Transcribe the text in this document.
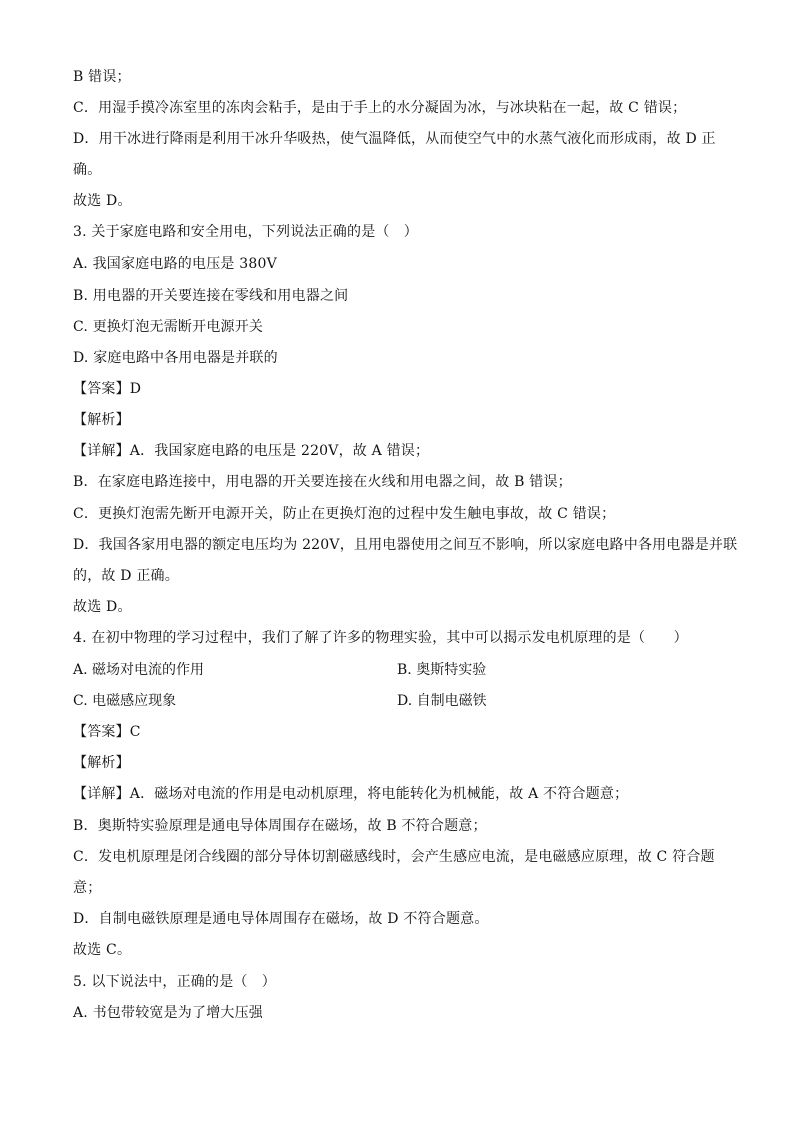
B 错误；
C．用湿手摸冷冻室里的冻肉会粘手，是由于手上的水分凝固为冰，与冰块粘在一起，故 C 错误；
D．用干冰进行降雨是利用干冰升华吸热，使气温降低，从而使空气中的水蒸气液化而形成雨，故 D 正
确。
故选 D。
3. 关于家庭电路和安全用电，下列说法正确的是（　）
A. 我国家庭电路的电压是 380V
B. 用电器的开关要连接在零线和用电器之间
C. 更换灯泡无需断开电源开关
D. 家庭电路中各用电器是并联的
【答案】D
【解析】
【详解】A．我国家庭电路的电压是 220V，故 A 错误；
B．在家庭电路连接中，用电器的开关要连接在火线和用电器之间，故 B 错误；
C．更换灯泡需先断开电源开关，防止在更换灯泡的过程中发生触电事故，故 C 错误；
D．我国各家用电器的额定电压均为 220V，且用电器使用之间互不影响，所以家庭电路中各用电器是并联
的，故 D 正确。
故选 D。
4. 在初中物理的学习过程中，我们了解了许多的物理实验，其中可以揭示发电机原理的是（　　）
A. 磁场对电流的作用	B. 奥斯特实验
C. 电磁感应现象	D. 自制电磁铁
【答案】C
【解析】
【详解】A．磁场对电流的作用是电动机原理，将电能转化为机械能，故 A 不符合题意；
B．奥斯特实验原理是通电导体周围存在磁场，故 B 不符合题意；
C．发电机原理是闭合线圈的部分导体切割磁感线时，会产生感应电流，是电磁感应原理，故 C 符合题
意；
D．自制电磁铁原理是通电导体周围存在磁场，故 D 不符合题意。
故选 C。
5. 以下说法中，正确的是（　）
A. 书包带较宽是为了增大压强
